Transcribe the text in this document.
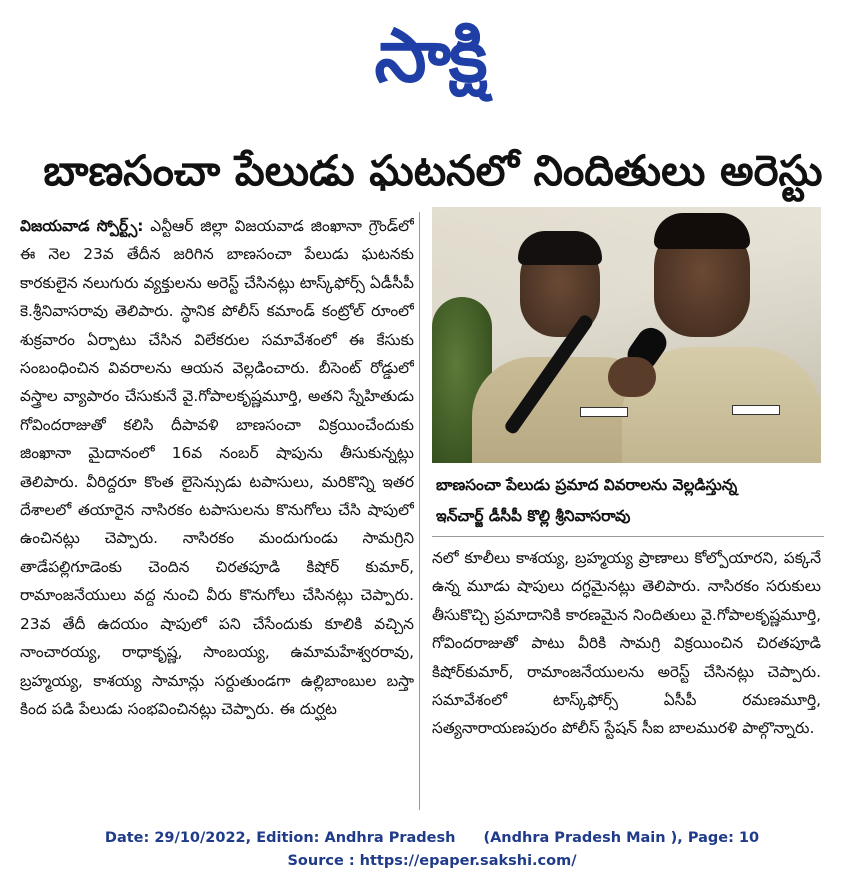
సాక్షి
బాణసంచా పేలుడు ఘటనలో నిందితులు అరెస్టు

విజయవాడ స్పోర్ట్స్: ఎన్టీఆర్ జిల్లా విజయవాడ జింఖానా గ్రౌండ్‌లో ఈ నెల 23వ తేదీన జరిగిన బాణసంచా పేలుడు ఘటనకు కారకులైన నలుగురు వ్యక్తులను అరెస్ట్ చేసినట్లు టాస్క్‌ఫోర్స్ ఏడీసీపీ కె.శ్రీనివాసరావు తెలిపారు. స్థానిక పోలీస్ కమాండ్ కంట్రోల్ రూంలో శుక్రవారం ఏర్పాటు చేసిన విలేకరుల సమావేశంలో ఈ కేసుకు సంబంధించిన వివరాలను ఆయన వెల్లడించారు. బీసెంట్ రోడ్డులో వస్త్రాల వ్యాపారం చేసుకునే వై.గోపాలకృష్ణమూర్తి, అతని స్నేహితుడు గోవిందరాజుతో కలిసి దీపావళి బాణసంచా విక్రయించేందుకు జింఖానా మైదానంలో 16వ నంబర్ షాపును తీసుకున్నట్లు తెలిపారు. వీరిద్దరూ కొంత లైసెన్సుడు టపాసులు, మరికొన్ని ఇతర దేశాలలో తయారైన నాసిరకం టపాసులను కొనుగోలు చేసి షాపులో ఉంచినట్లు చెప్పారు. నాసిరకం మందుగుండు సామగ్రిని తాడేపల్లిగూడెంకు చెందిన చిరతపూడి కిషోర్ కుమార్, రామాంజనేయులు వద్ద నుంచి వీరు కొనుగోలు చేసినట్లు చెప్పారు. 23వ తేదీ ఉదయం షాపులో పని చేసేందుకు కూలికి వచ్చిన నాంచారయ్య, రాధాకృష్ణ, సాంబయ్య, ఉమామహేశ్వరరావు, బ్రహ్మయ్య, కాశయ్య సామాన్లు సర్దుతుండగా ఉల్లిబాంబుల బస్తా కింద పడి పేలుడు సంభవించినట్లు చెప్పారు. ఈ దుర్ఘట

బాణసంచా పేలుడు ప్రమాద వివరాలను వెల్లడిస్తున్న
ఇన్‌చార్జ్ డీసీపీ కొల్లి శ్రీనివాసరావు

నలో కూలీలు కాశయ్య, బ్రహ్మయ్య ప్రాణాలు కోల్పోయారని, పక్కనే ఉన్న మూడు షాపులు దగ్ధమైనట్లు తెలిపారు. నాసిరకం సరుకులు తీసుకొచ్చి ప్రమాదానికి కారణమైన నిందితులు వై.గోపాలకృష్ణమూర్తి, గోవిందరాజుతో పాటు వీరికి సామగ్రి విక్రయించిన చిరతపూడి కిషోర్‌కుమార్, రామాంజనేయులను అరెస్ట్ చేసినట్లు చెప్పారు. సమావేశంలో టాస్క్‌ఫోర్స్ ఏసీపీ రమణమూర్తి, సత్యనారాయణపురం పోలీస్ స్టేషన్ సీఐ బాలమురళి పాల్గొన్నారు.

Date: 29/10/2022, Edition: Andhra Pradesh (Andhra Pradesh Main ), Page: 10
Source : https://epaper.sakshi.com/
